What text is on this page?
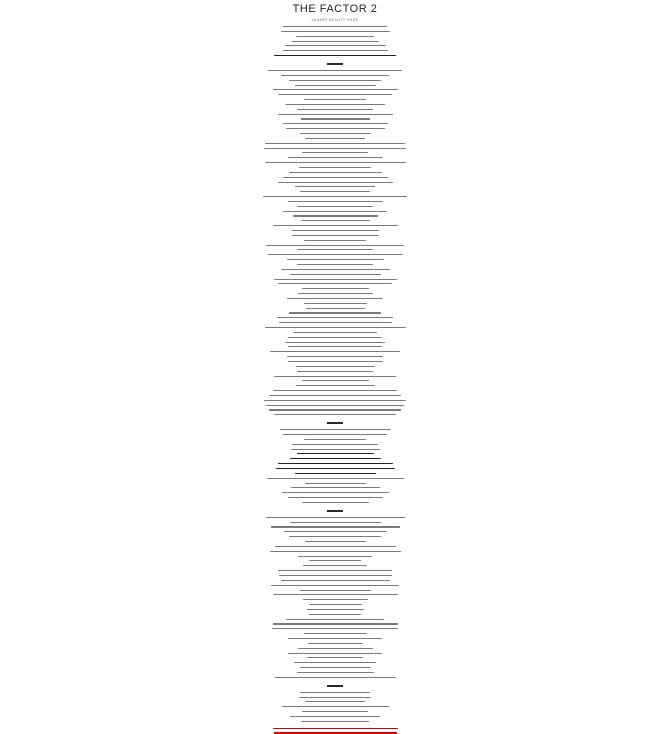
THE FACTOR 2
LUXURY BEAUTY SHOP
